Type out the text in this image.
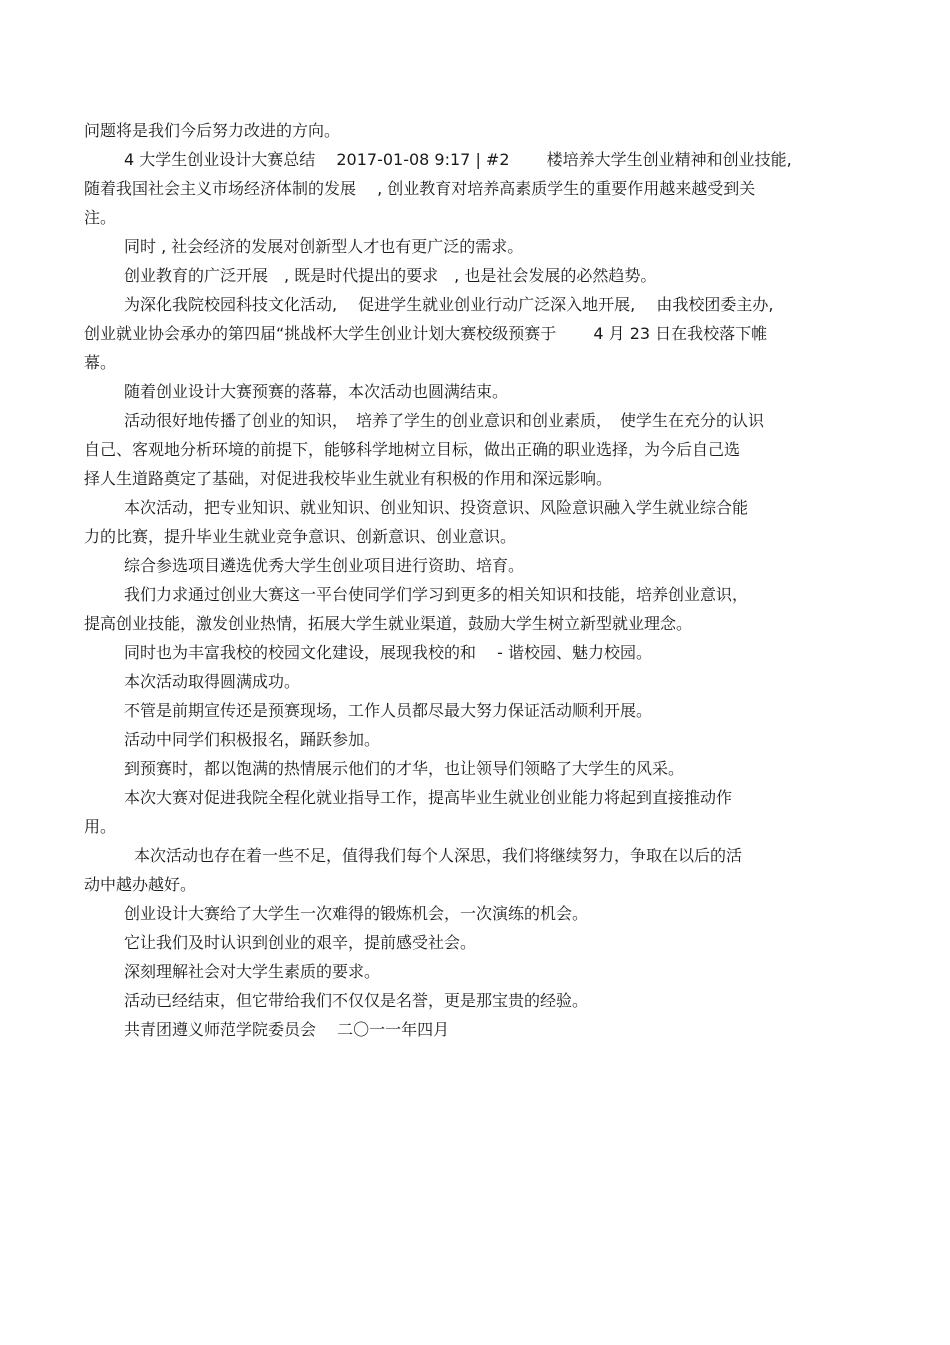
问题将是我们今后努力改进的方向。
4 大学生创业设计大赛总结　 2017-01-08 9:17 | #2　 　楼培养大学生创业精神和创业技能,
随着我国社会主义市场经济体制的发展　 , 创业教育对培养高素质学生的重要作用越来越受到关
注。
同时 , 社会经济的发展对创新型人才也有更广泛的需求。
创业教育的广泛开展　, 既是时代提出的要求　, 也是社会发展的必然趋势。
为深化我院校园科技文化活动,　 促进学生就业创业行动广泛深入地开展,　 由我校团委主办,
创业就业协会承办的第四届“挑战杯大学生创业计划大赛校级预赛于　　 4 月 23 日在我校落下帷
幕。
随着创业设计大赛预赛的落幕，本次活动也圆满结束。
活动很好地传播了创业的知识，　培养了学生的创业意识和创业素质，　使学生在充分的认识
自己、客观地分析环境的前提下，能够科学地树立目标，做出正确的职业选择，为今后自己选
择人生道路奠定了基础，对促进我校毕业生就业有积极的作用和深远影响。
本次活动，把专业知识、就业知识、创业知识、投资意识、风险意识融入学生就业综合能
力的比赛，提升毕业生就业竞争意识、创新意识、创业意识。
综合参选项目遴选优秀大学生创业项目进行资助、培育。
我们力求通过创业大赛这一平台使同学们学习到更多的相关知识和技能，培养创业意识，
提高创业技能，激发创业热情，拓展大学生就业渠道，鼓励大学生树立新型就业理念。
同时也为丰富我校的校园文化建设，展现我校的和　 - 谐校园、魅力校园。
本次活动取得圆满成功。
不管是前期宣传还是预赛现场，工作人员都尽最大努力保证活动顺利开展。
活动中同学们积极报名，踊跃参加。
到预赛时，都以饱满的热情展示他们的才华，也让领导们领略了大学生的风采。
本次大赛对促进我院全程化就业指导工作，提高毕业生就业创业能力将起到直接推动作
用。
本次活动也存在着一些不足，值得我们每个人深思，我们将继续努力，争取在以后的活
动中越办越好。
创业设计大赛给了大学生一次难得的锻炼机会，一次演练的机会。
它让我们及时认识到创业的艰辛，提前感受社会。
深刻理解社会对大学生素质的要求。
活动已经结束，但它带给我们不仅仅是名誉，更是那宝贵的经验。
共青团遵义师范学院委员会　 二〇一一年四月
